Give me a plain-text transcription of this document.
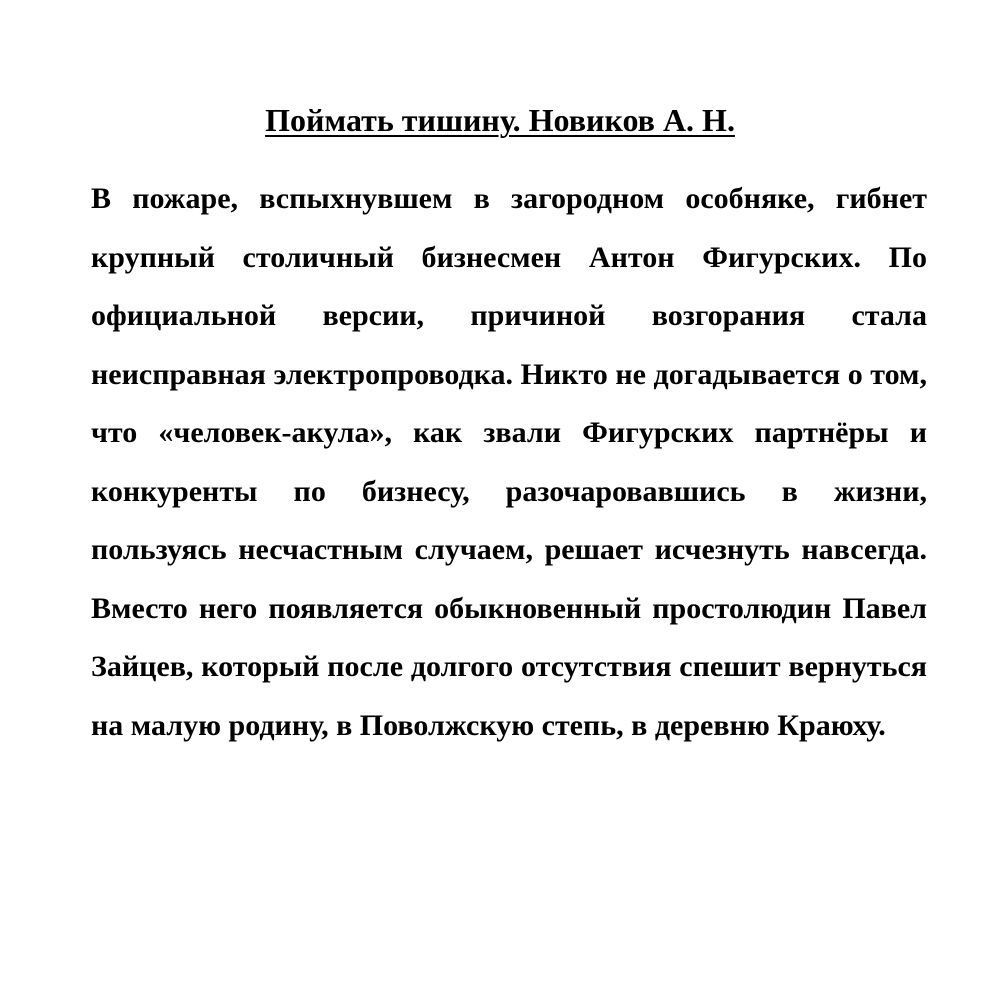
Поймать тишину. Новиков А. Н.

В пожаре, вспыхнувшем в загородном особняке, гибнет крупный столичный бизнесмен Антон Фигурских. По официальной версии, причиной возгорания стала неисправная электропроводка. Никто не догадывается о том, что «человек-акула», как звали Фигурских партнёры и конкуренты по бизнесу, разочаровавшись в жизни, пользуясь несчастным случаем, решает исчезнуть навсегда. Вместо него появляется обыкновенный простолюдин Павел Зайцев, который после долгого отсутствия спешит вернуться на малую родину, в Поволжскую степь, в деревню Краюху.
